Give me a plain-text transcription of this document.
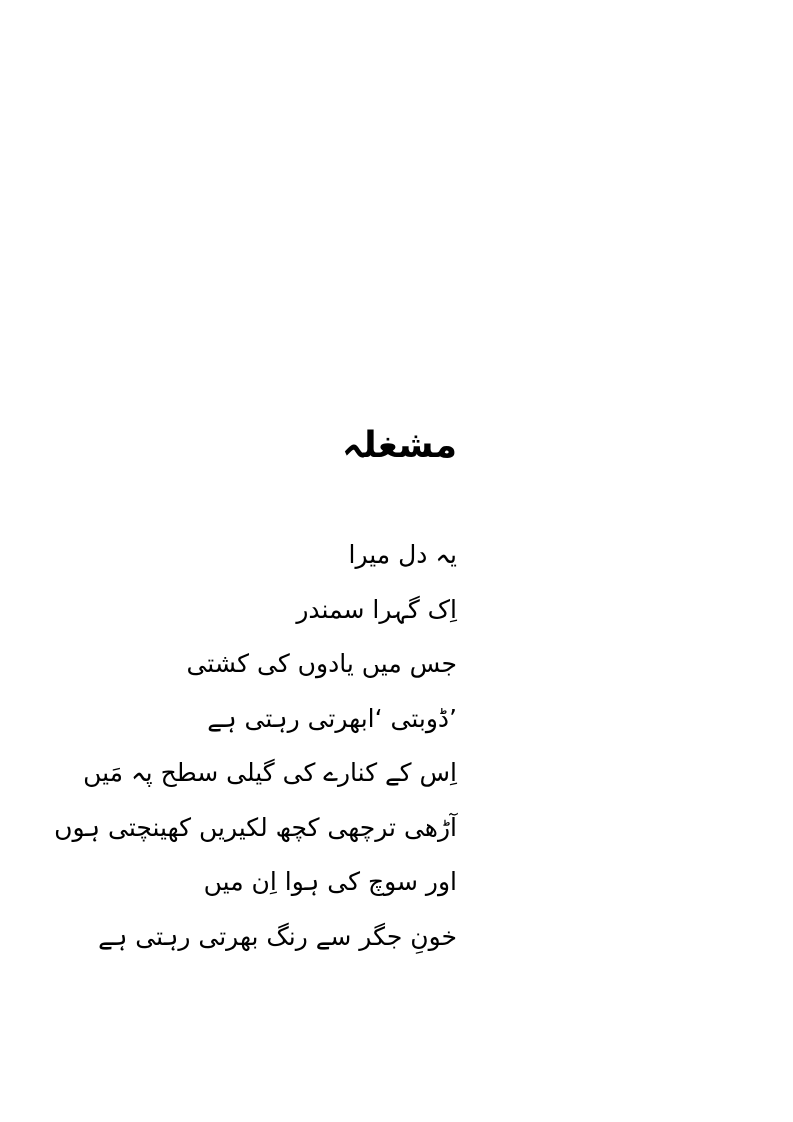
مشغلہ
یہ دل میرا
اِک گہرا سمندر
جس میں یادوں کی کشتی
’ڈوبتی ‘ابھرتی رہتی ہے
اِس کے کنارے کی گیلی سطح پہ مَیں
آڑھی ترچھی کچھ لکیریں کھینچتی ہوں
اور سوچ کی ہوا اِن میں
خونِ جگر سے رنگ بھرتی رہتی ہے
